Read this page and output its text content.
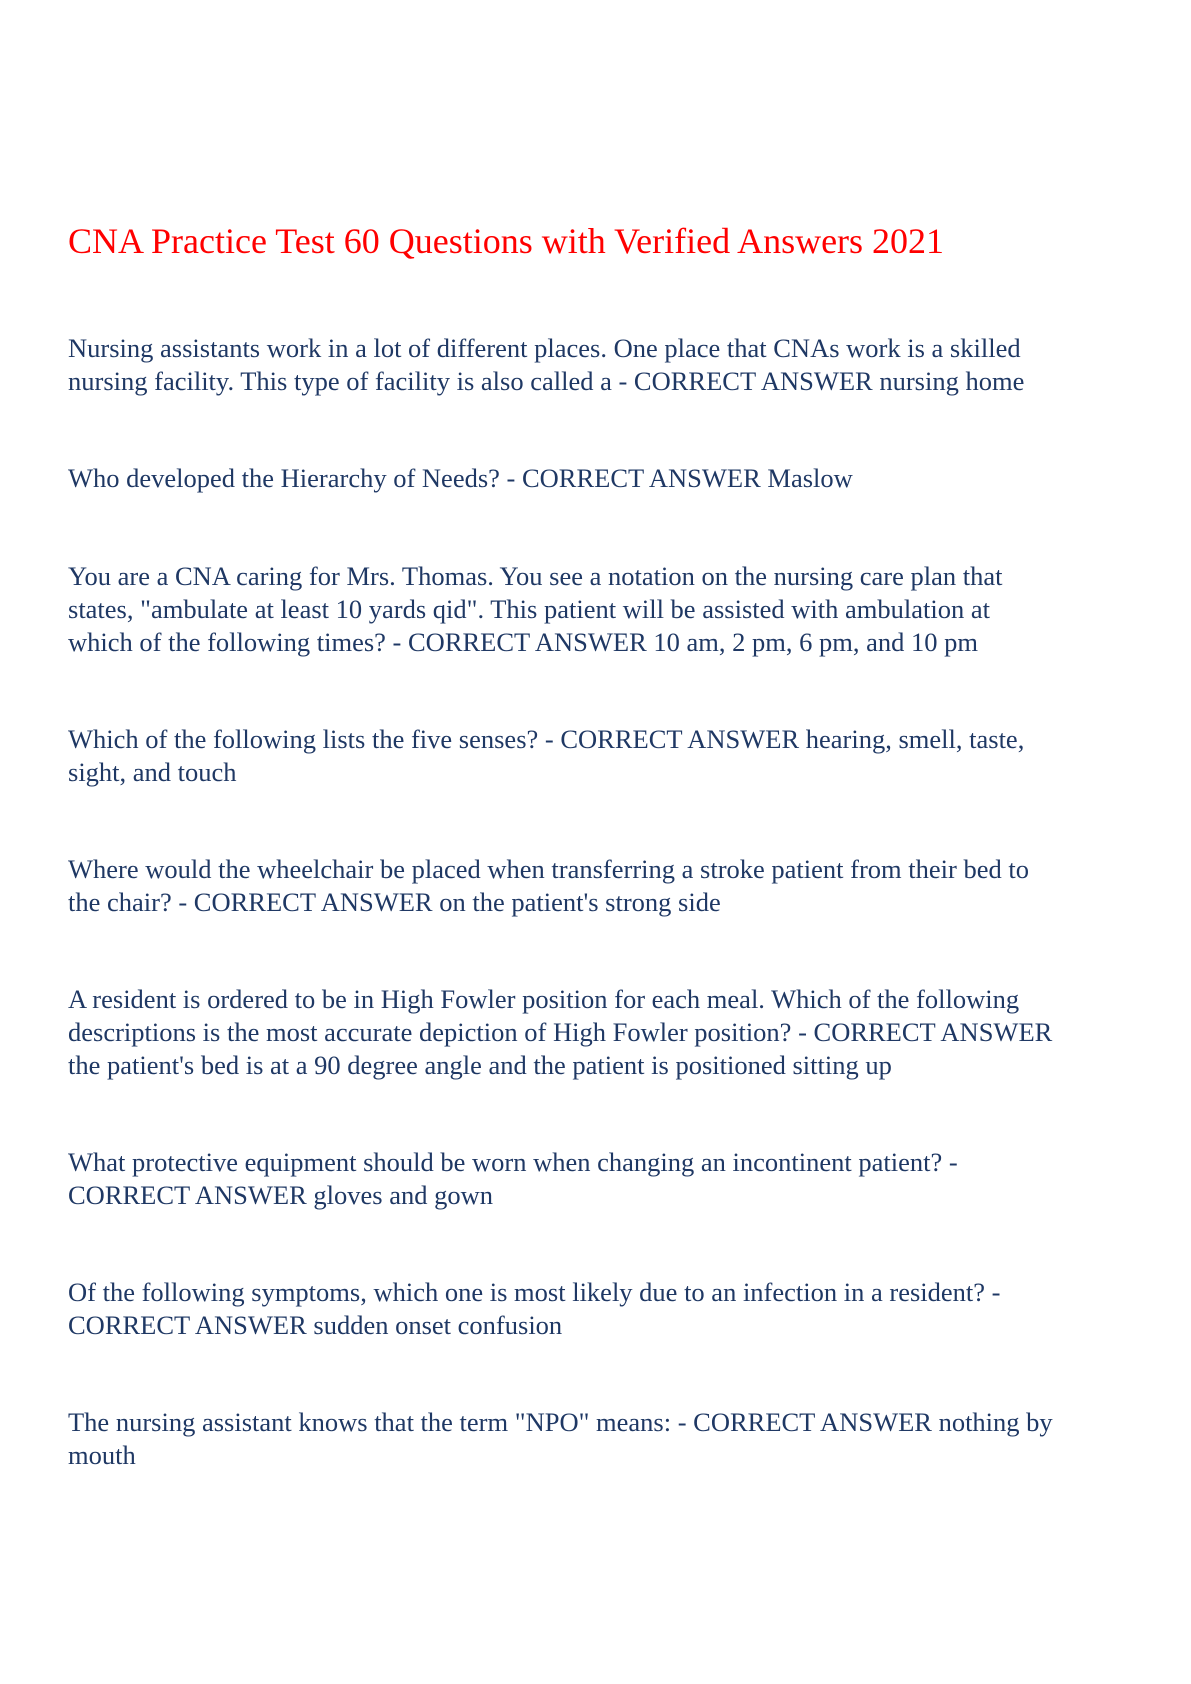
CNA Practice Test 60 Questions with Verified Answers 2021
Nursing assistants work in a lot of different places. One place that CNAs work is a skilled
nursing facility. This type of facility is also called a - CORRECT ANSWER nursing home
Who developed the Hierarchy of Needs? - CORRECT ANSWER Maslow
You are a CNA caring for Mrs. Thomas. You see a notation on the nursing care plan that
states, "ambulate at least 10 yards qid". This patient will be assisted with ambulation at
which of the following times? - CORRECT ANSWER 10 am, 2 pm, 6 pm, and 10 pm
Which of the following lists the five senses? - CORRECT ANSWER hearing, smell, taste,
sight, and touch
Where would the wheelchair be placed when transferring a stroke patient from their bed to
the chair? - CORRECT ANSWER on the patient's strong side
A resident is ordered to be in High Fowler position for each meal. Which of the following
descriptions is the most accurate depiction of High Fowler position? - CORRECT ANSWER
the patient's bed is at a 90 degree angle and the patient is positioned sitting up
What protective equipment should be worn when changing an incontinent patient? -
CORRECT ANSWER gloves and gown
Of the following symptoms, which one is most likely due to an infection in a resident? -
CORRECT ANSWER sudden onset confusion
The nursing assistant knows that the term "NPO" means: - CORRECT ANSWER nothing by
mouth
